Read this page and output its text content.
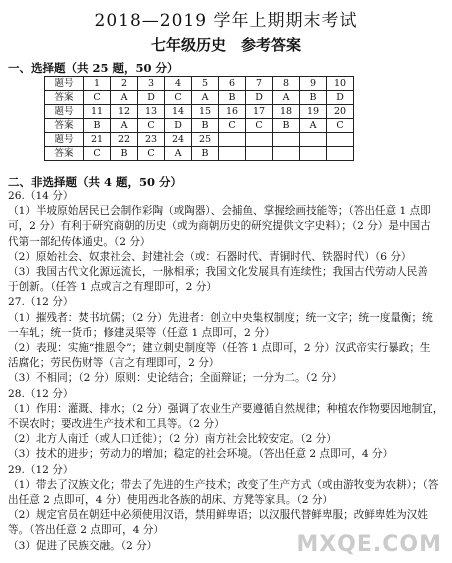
2018—2019 学年上期期末考试
七年级历史　参考答案
一、选择题（共 25 题，50 分）
题号	1	2	3	4	5	6	7	8	9	10
答案	C	A	D	C	A	B	D	A	B	D
题号	11	12	13	14	15	16	17	18	19	20
答案	B	A	C	D	B	C	C	B	A	C
题号	21	22	23	24	25					
答案	C	B	C	A	B					
二、非选择题（共 4 题，50 分）

26.（14 分）

（1）半坡原始居民已会制作彩陶（或陶器）、会捕鱼、掌握绘画技能等；（答出任意 1 点即

可，2 分）有利于研究商朝的历史（或为商朝历史的研究提供文字史料）；（2 分）是中国古

代第一部纪传体通史。（2 分）

（2）原始社会、奴隶社会、封建社会（或：石器时代、青铜时代、铁器时代）（6 分）

（3）我国古代文化源远流长，一脉相承；我国文化发展具有连续性；我国古代劳动人民善

于创新。（任答 1 点或言之有理即可，2 分）

27.（12 分）

（1）摧残者：焚书坑儒；（2 分）先进者：创立中央集权制度；统一文字；统一度量衡；统

一车轧；统一货币；修建灵渠等（任意 1 点即可，2 分）

（2）表现：实施“推恩令”；建立刺史制度等（任答 1 点即可，2 分）汉武帝实行暴政；生

活腐化；劳民伤财等（言之有理即可，2 分）

（3）不相同；（2 分）原则：史论结合；全面辩证；一分为二。（2 分）

28.（12 分）

（1）作用：灌溉、排水；（2 分）强调了农业生产要遵循自然规律；种植农作物要因地制宜，

不误农时；要改进生产技术和工具等。（2 分）

（2）北方人南迁（或人口迁徙）；（2 分）南方社会比较安定。（2 分）

（3）技术的进步；劳动力的增加；稳定的社会环境。（答出任意 2 点即可，4 分）

29.（12 分）

（1）带去了汉族文化；带去了先进的生产技术；改变了生产方式（或由游牧变为农耕）；（答

出任意 2 点即可，4 分）使用西北各族的胡床、方凳等家具。（2 分）

（2）规定官员在朝廷中必须使用汉语，禁用鲜卑语；以汉服代替鲜卑服；改鲜卑姓为汉姓

等。（答出任意 2 点即可，4 分）

（3）促进了民族交融。（2 分）	MXQE.COM
